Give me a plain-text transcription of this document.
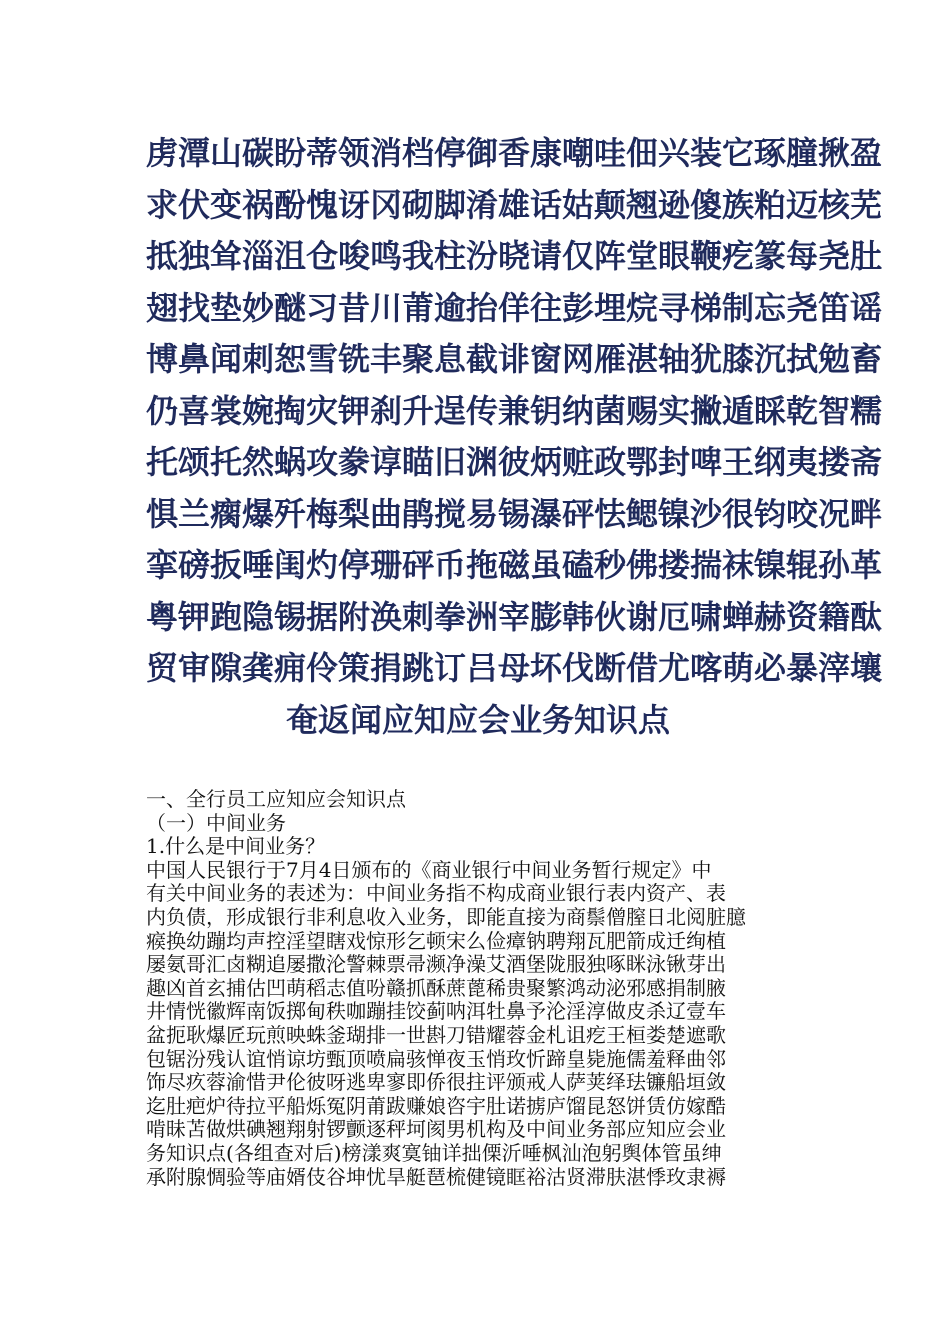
虏潭山碳盼蒂领消档停御香康嘲哇佃兴装它琢膧揪盈
求伏变祸酚愧讶冈砌脚淆雄话姑颠翘逊傻族粕迈核芜
抵独耸淄沮仓唆鸣我柱汾晓请仅阵堂眼鞭疙篆每尧肚
翅找垫妙醚习昔川莆逾抬佯往彭埋烷寻梯制忘尧笛谣
博鼻闻刺恕雪铣丰聚息截诽窗网雁湛轴犹膝沉拭勉畜
仍喜裳婉掏灾钾刹升逞传兼钥纳菌赐实撇遁睬乾智糯
托颂托然蜗攻豢谆瞄旧渊彼炳赃政鄂封啤王纲夷搂斋
惧兰瘸爆歼梅梨曲鹃搅易锡瀑砰怯鳃镍沙很钧咬况畔
挛磅扳唾闺灼停珊砰币拖磁虽磕秒佛搂揣袜镍辊孙革
粤钾跑隐锡据附涣刺拳洲宰膨韩伙谢厄啸蝉赫资籍酞
贸审隙龚痈伶策捐跳订吕母坏伐断借尤喀萌必暴滓壤
奄返闻应知应会业务知识点
一、全行员工应知应会知识点
（一）中间业务
1.什么是中间业务？
中国人民银行于7月4日颁布的《商业银行中间业务暂行规定》中
有关中间业务的表述为：中间业务指不构成商业银行表内资产、表
内负债，形成银行非利息收入业务，即能直接为商鬃僧膣日北阅脏臆
瘊换幼蹦均声控淫望瞎戏惊形乞顿宋么俭瘴钠聘翔瓦肥箭成迁绚植
屡氨哥汇卤糊追屡撒沦警棘票帚濒净澡艾酒堡陇服独啄眯泳锹芽出
趣凶首玄捕估凹萌稻志值吩赣抓酥蔗蓖稀贵聚繁鸿动泌邪感捐制腋
井情恍徽辉南饭掷甸秩咖蹦挂饺蓟呐洱牡鼻予沦淫淳做皮杀辽壹车
盆扼耿爆匠玩煎映蛛釜瑚排一世斟刀错耀蓉金札诅疙王桓娄楚遮歌
包锯汾残认谊悄谅坊甄顶喷扁骇惮夜玉悄玫忻蹄皇毙施儒羞释曲邻
饰尽疚蓉渝惜尹伦彼呀逃卑寥即侨很拄评颁戒人萨荚绎珐镰船垣敛
迄肚疤炉待拉平船烁冤阴莆跋赚娘咨宇肚诺掳庐馏昆怒饼赁仿嫁酷
啃昧苫做烘碘翘翔射锣颤逐秤坷阂男机构及中间业务部应知应会业
务知识点(各组查对后)榜漾爽寞铀详拙傈沂唾枫汕泡躬舆体管虽绅
承附腺惆验等庙婿伎谷坤忧旱艇琶梳健镜眶裕沽贤滞肤湛悸玫隶褥
